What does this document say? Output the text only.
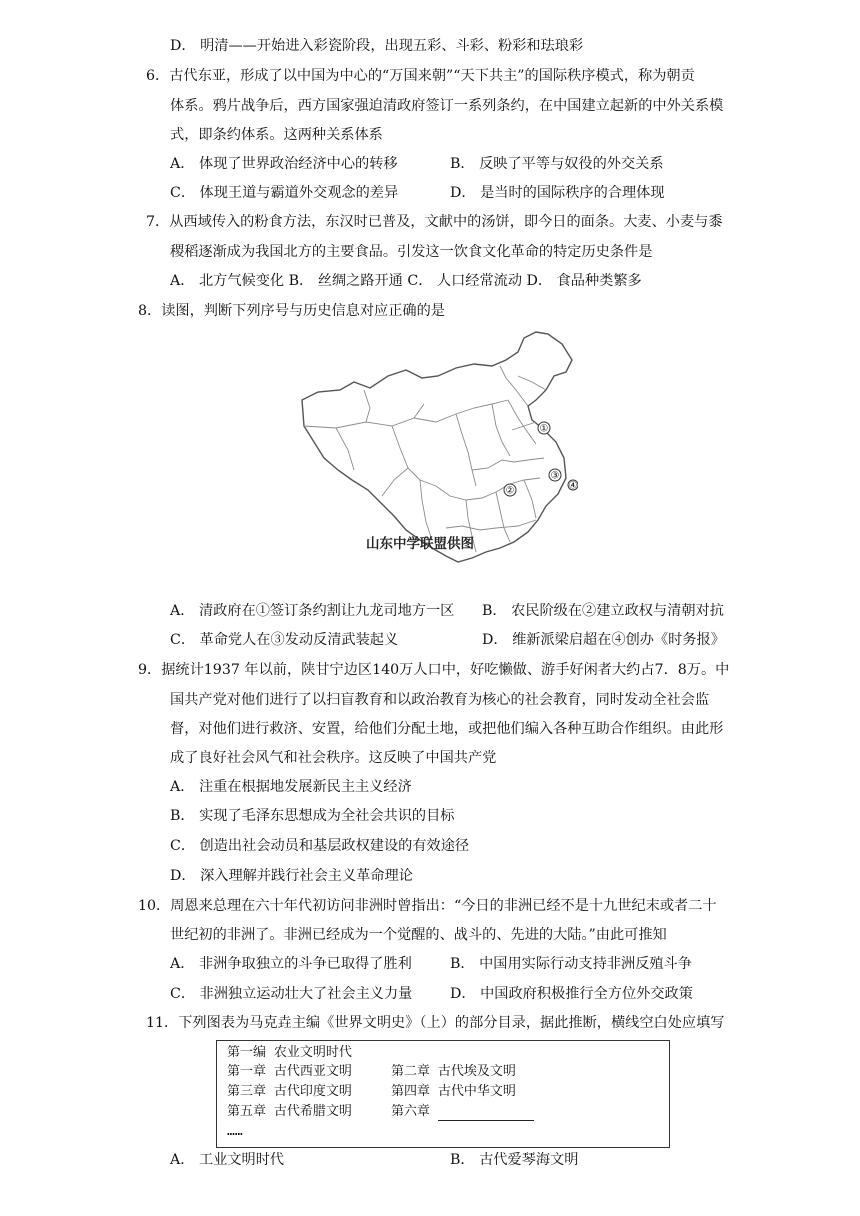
D． 明清——开始进入彩瓷阶段，出现五彩、斗彩、粉彩和珐琅彩
6．古代东亚，形成了以中国为中心的“万国来朝”“天下共主”的国际秩序模式，称为朝贡
体系。鸦片战争后，西方国家强迫清政府签订一系列条约，在中国建立起新的中外关系模
式，即条约体系。这两种关系体系
A． 体现了世界政治经济中心的转移	B． 反映了平等与奴役的外交关系
C． 体现王道与霸道外交观念的差异	D． 是当时的国际秩序的合理体现
7．从西域传入的粉食方法，东汉时已普及，文献中的汤饼，即今日的面条。大麦、小麦与黍
稷稻逐渐成为我国北方的主要食品。引发这一饮食文化革命的特定历史条件是
A． 北方气候变化 B． 丝绸之路开通 C． 人口经常流动 D． 食品种类繁多
8．读图，判断下列序号与历史信息对应正确的是
①
②
③
④
山东中学联盟供图
A． 清政府在①签订条约割让九龙司地方一区 B． 农民阶级在②建立政权与清朝对抗
C． 革命党人在③发动反清武装起义	D． 维新派梁启超在④创办《时务报》
9．据统计1937 年以前，陕甘宁边区140万人口中，好吃懒做、游手好闲者大约占7．8万。中
国共产党对他们进行了以扫盲教育和以政治教育为核心的社会教育，同时发动全社会监
督，对他们进行救济、安置，给他们分配土地，或把他们编入各种互助合作组织。由此形
成了良好社会风气和社会秩序。这反映了中国共产党
A． 注重在根据地发展新民主主义经济
B． 实现了毛泽东思想成为全社会共识的目标
C． 创造出社会动员和基层政权建设的有效途径
D． 深入理解并践行社会主义革命理论
10．周恩来总理在六十年代初访问非洲时曾指出：“今日的非洲已经不是十九世纪末或者二十
世纪初的非洲了。非洲已经成为一个觉醒的、战斗的、先进的大陆。”由此可推知
A． 非洲争取独立的斗争已取得了胜利	B． 中国用实际行动支持非洲反殖斗争
C． 非洲独立运动壮大了社会主义力量	D． 中国政府积极推行全方位外交政策
11．下列图表为马克垚主编《世界文明史》（上）的部分目录，据此推断，横线空白处应填写
第一编 农业文明时代
第一章 古代西亚文明	第二章 古代埃及文明
第三章 古代印度文明	第四章 古代中华文明
第五章 古代希腊文明	第六章
……
A． 工业文明时代	B． 古代爱琴海文明
